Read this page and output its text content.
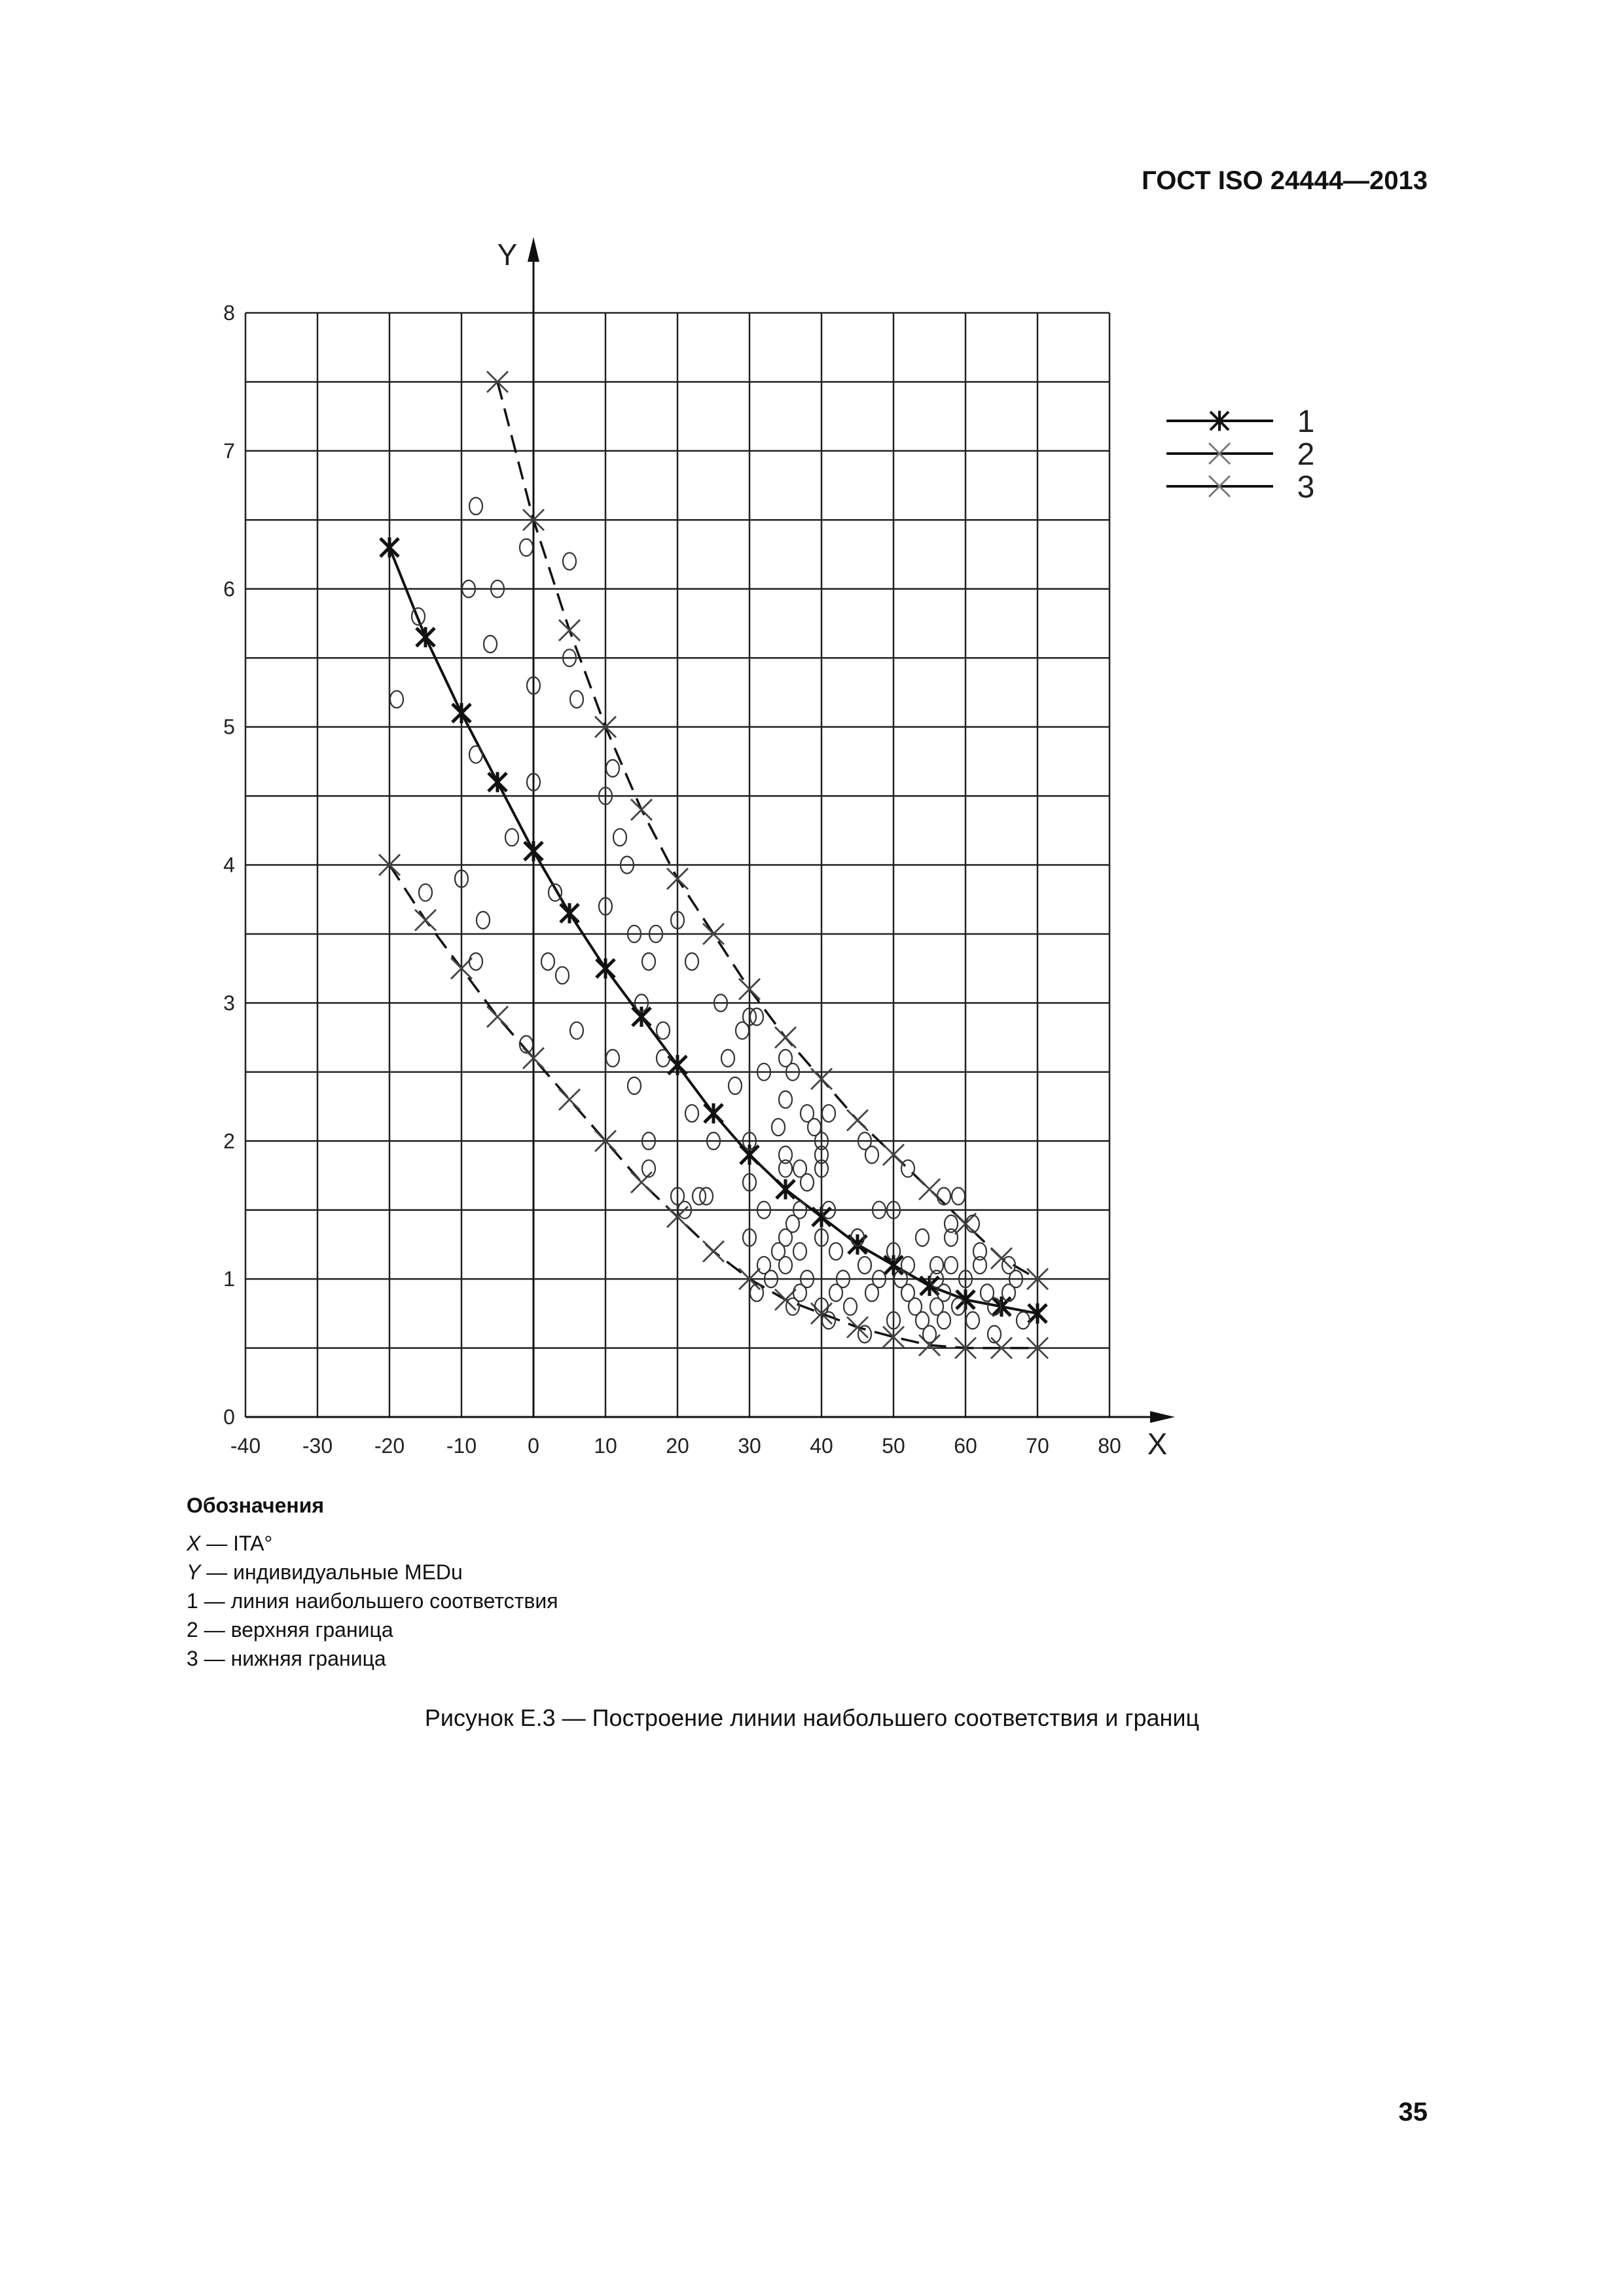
ГОСТ ISO 24444—2013
Y
X
-40 -30 -20 -10 0	10 20 30 40 50 60 70 80
0
1
2
3
4
5
6
7
8
1
2
3
Обозначения
X — ITA°
Y — индивидуальные MEDu
1 — линия наибольшего соответствия
2 — верхняя граница
3 — нижняя граница
Рисунок Е.3 — Построение линии наибольшего соответствия и границ
35
